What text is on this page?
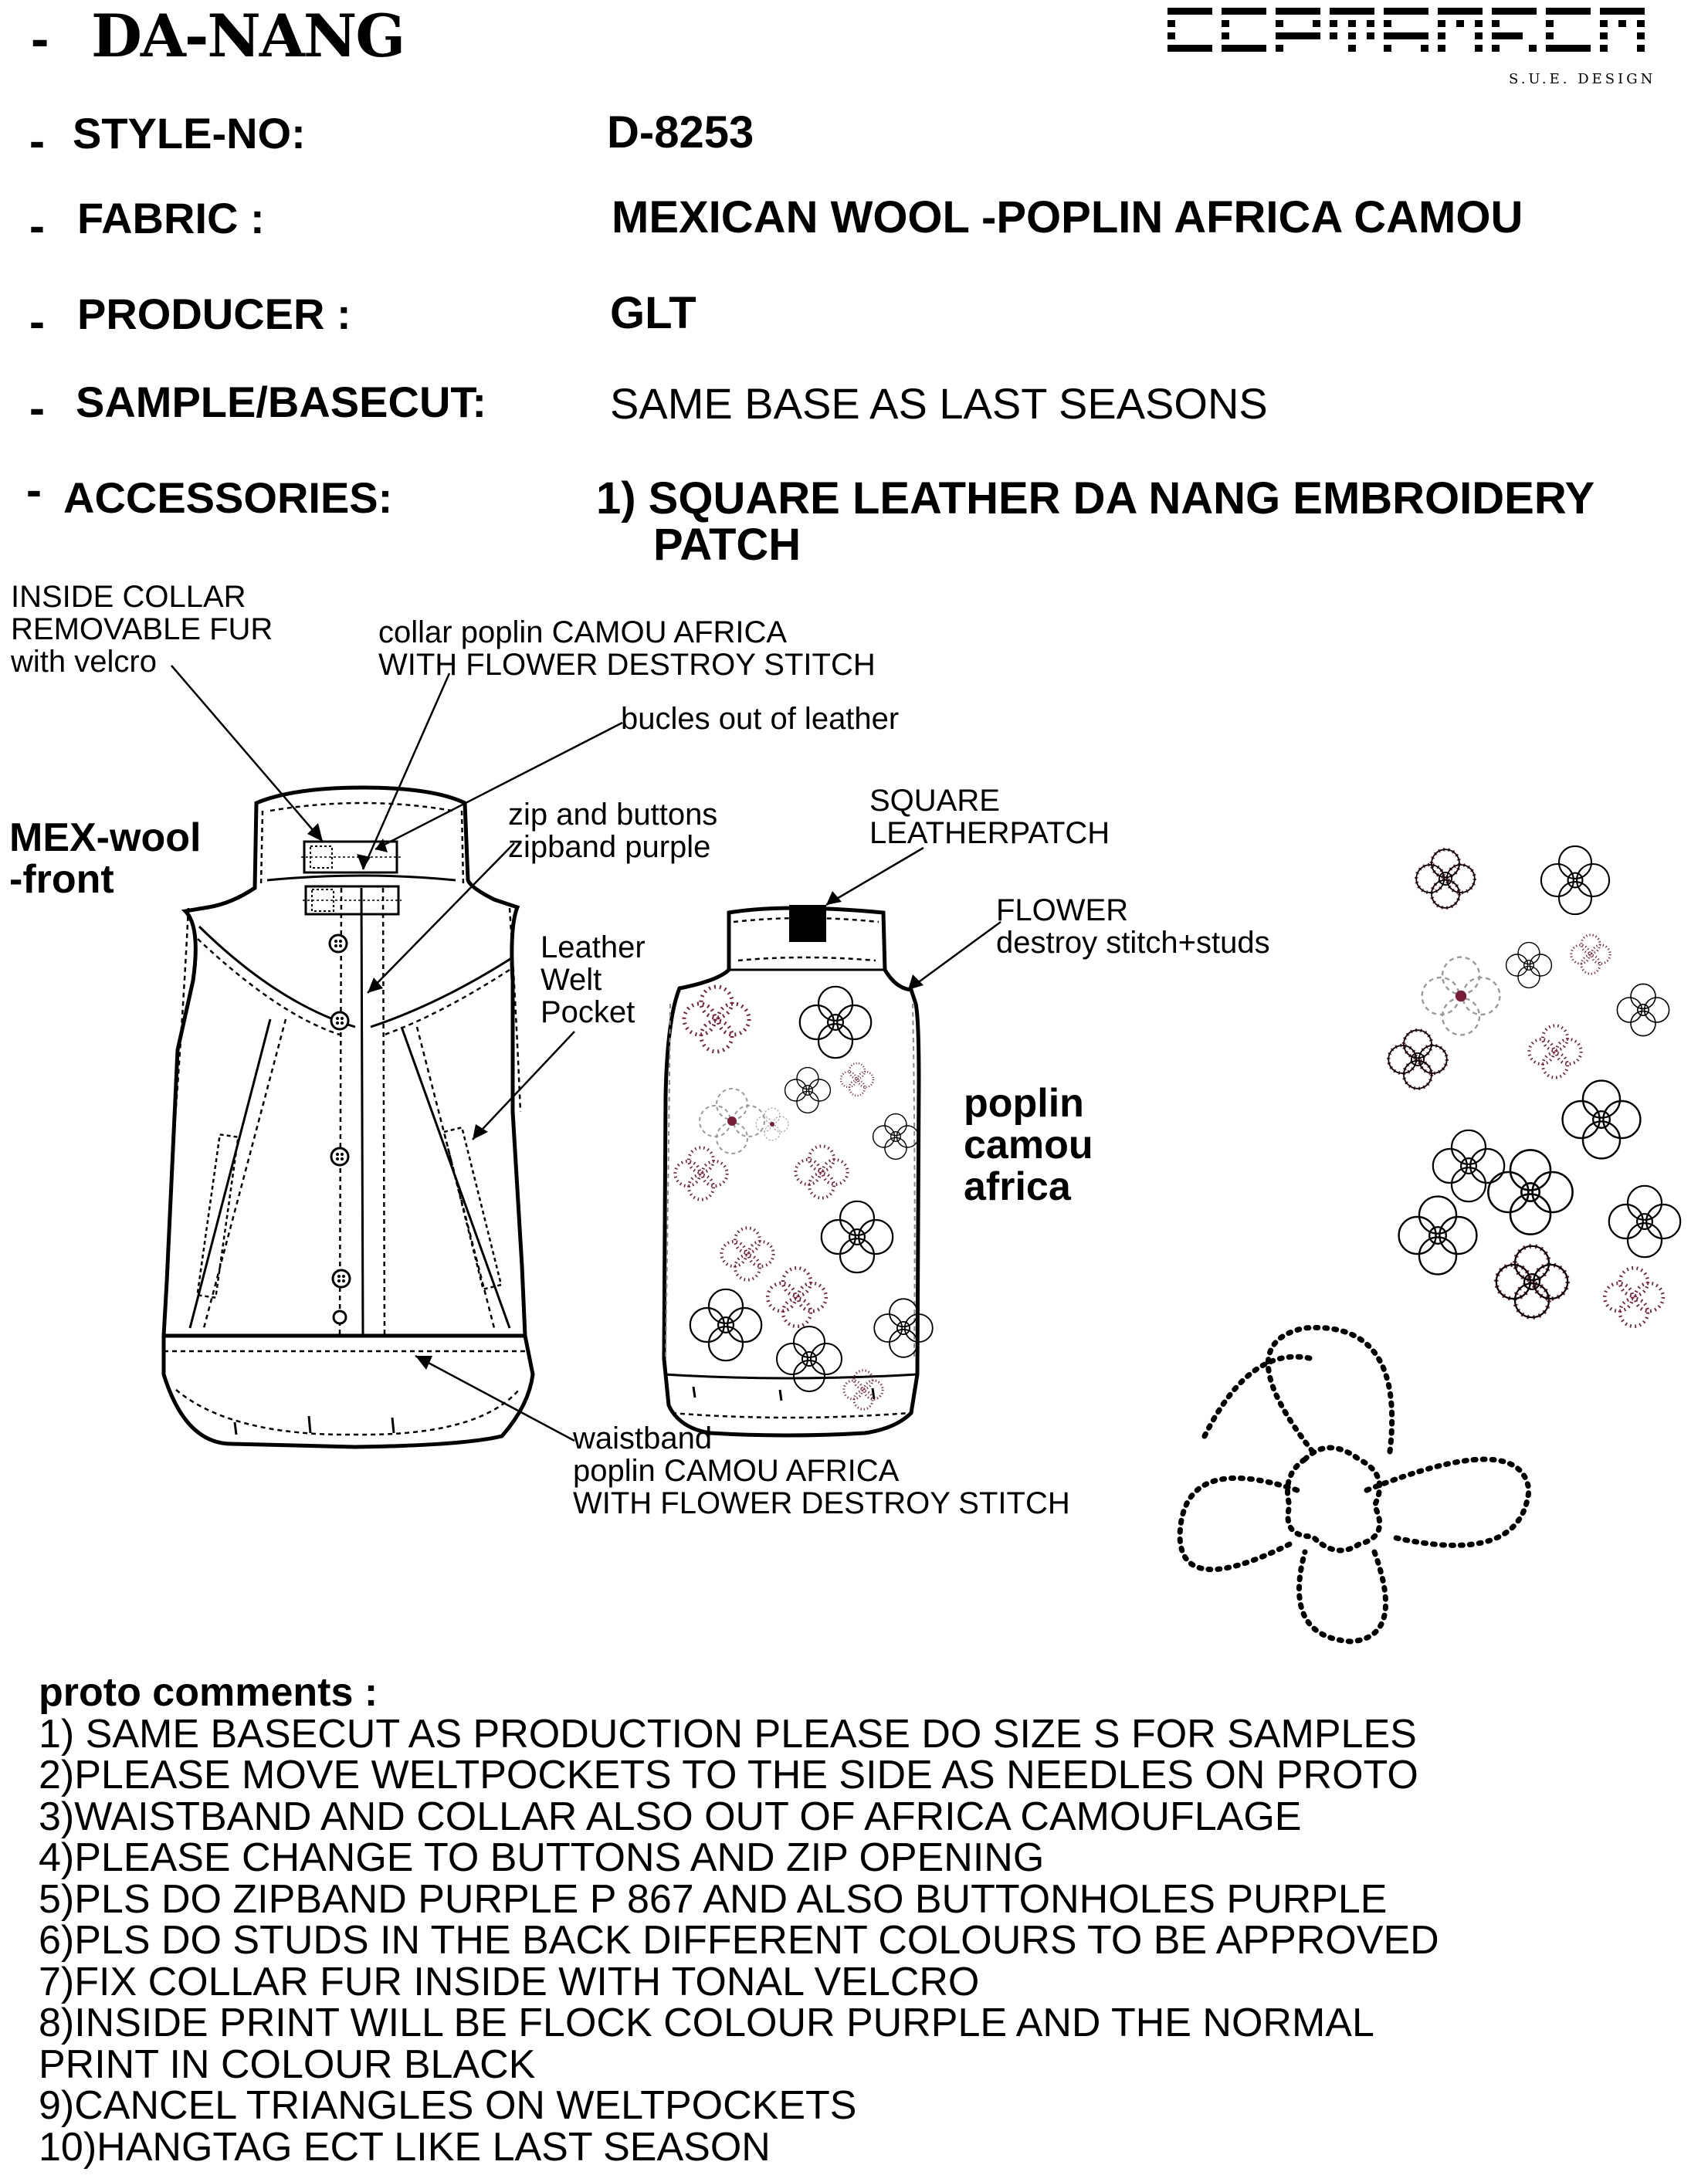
- DA-NANG
S.U.E. DESIGN
- STYLE-NO:	D-8253
- FABRIC :	MEXICAN WOOL -POPLIN AFRICA CAMOU
- PRODUCER :	GLT
- SAMPLE/BASECUT:	SAME BASE AS LAST SEASONS
- ACCESSORIES:	1) SQUARE LEATHER DA NANG EMBROIDERY
PATCH
INSIDE COLLAR
REMOVABLE FUR
with velcro
collar poplin CAMOU AFRICA
WITH FLOWER DESTROY STITCH
bucles out of leather
zip and buttons
zipband purple
SQUARE
LEATHERPATCH
MEX-wool
-front
FLOWER
destroy stitch+studs
Leather
Welt
Pocket
poplin
camou
africa
waistband
poplin CAMOU AFRICA
WITH FLOWER DESTROY STITCH
proto comments :
1) SAME BASECUT AS PRODUCTION PLEASE DO SIZE S FOR SAMPLES
2)PLEASE MOVE WELTPOCKETS TO THE SIDE AS NEEDLES ON PROTO
3)WAISTBAND AND COLLAR ALSO OUT OF AFRICA CAMOUFLAGE
4)PLEASE CHANGE TO BUTTONS AND ZIP OPENING
5)PLS DO ZIPBAND PURPLE P 867 AND ALSO BUTTONHOLES PURPLE
6)PLS DO STUDS IN THE BACK DIFFERENT COLOURS TO BE APPROVED
7)FIX COLLAR FUR INSIDE WITH TONAL VELCRO
8)INSIDE PRINT WILL BE FLOCK COLOUR PURPLE AND THE NORMAL
PRINT IN COLOUR BLACK
9)CANCEL TRIANGLES ON WELTPOCKETS
10)HANGTAG ECT LIKE LAST SEASON
